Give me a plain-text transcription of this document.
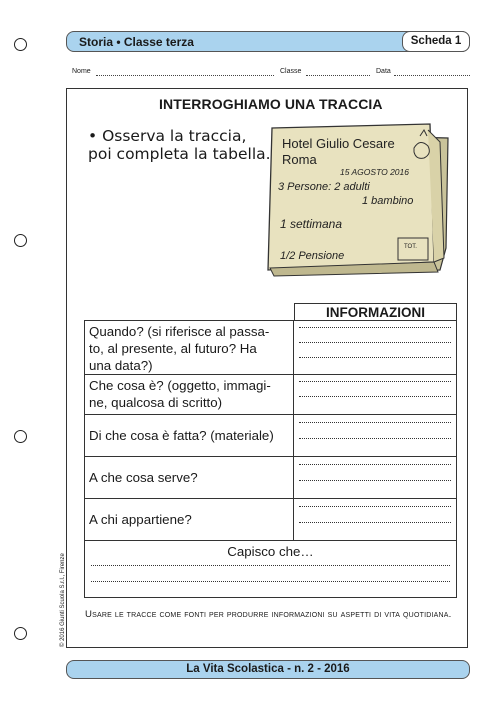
Storia • Classe terza	Scheda 1
Nome	Classe	Data
INTERROGHIAMO UNA TRACCIA
• Osserva la traccia,
poi completa la tabella.
Hotel Giulio Cesare
Roma
15 AGOSTO 2016
3 Persone: 2 adulti
1 bambino
1 settimana
1/2 Pensione
TOT.
INFORMAZIONI
Quando? (si riferisce al passa-
to, al presente, al futuro? Ha
una data?)
Che cosa è? (oggetto, immagi-
ne, qualcosa di scritto)
Di che cosa è fatta? (materiale)
A che cosa serve?
A chi appartiene?
Capisco che…
Usare le tracce come fonti per produrre informazioni su aspetti di vita quotidiana.
© 2016 Giunti Scuola S.r.l., Firenze
La Vita Scolastica - n. 2 - 2016
